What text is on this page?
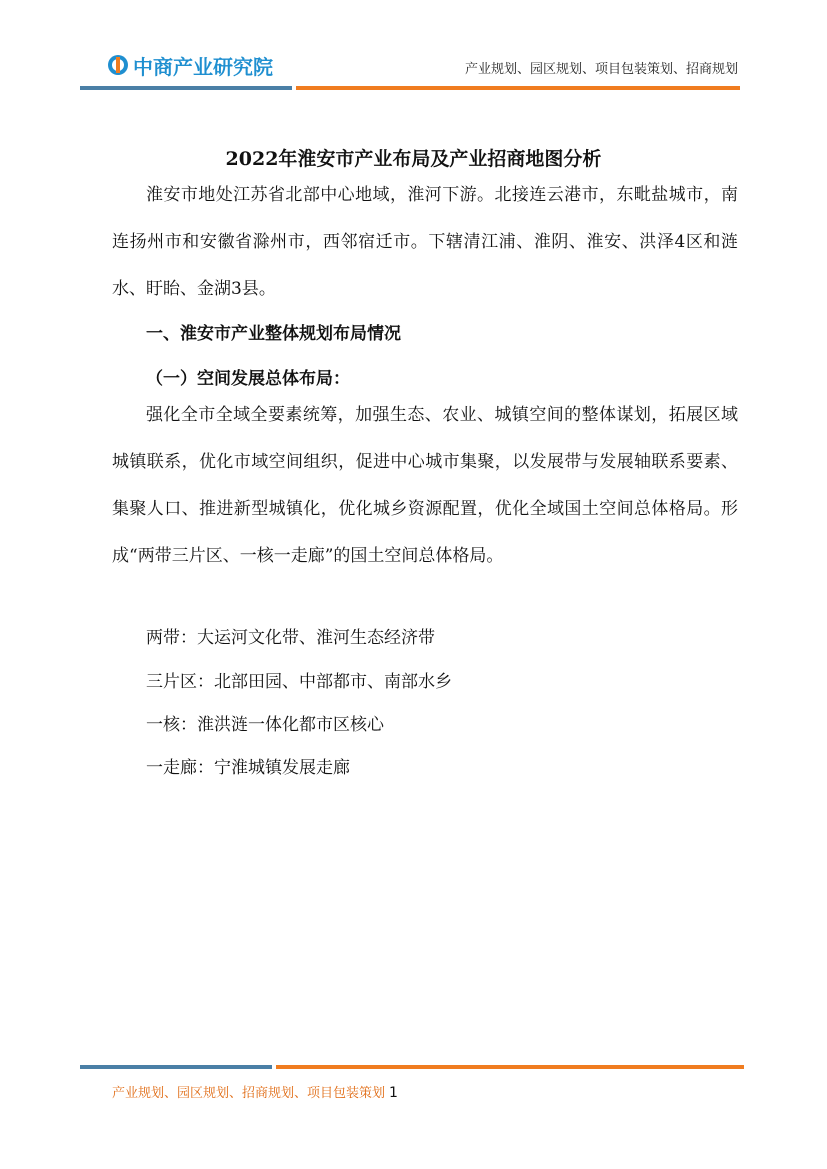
中商产业研究院	产业规划、园区规划、项目包装策划、招商规划
2022年淮安市产业布局及产业招商地图分析

淮安市地处江苏省北部中心地域，淮河下游。北接连云港市，东毗盐城市，南连扬州市和安徽省滁州市，西邻宿迁市。下辖清江浦、淮阴、淮安、洪泽4区和涟水、盱眙、金湖3县。

一、淮安市产业整体规划布局情况

（一）空间发展总体布局：

强化全市全域全要素统筹，加强生态、农业、城镇空间的整体谋划，拓展区域城镇联系，优化市域空间组织，促进中心城市集聚，以发展带与发展轴联系要素、集聚人口、推进新型城镇化，优化城乡资源配置，优化全域国土空间总体格局。形成“两带三片区、一核一走廊”的国土空间总体格局。

两带：大运河文化带、淮河生态经济带

三片区：北部田园、中部都市、南部水乡

一核：淮洪涟一体化都市区核心

一走廊：宁淮城镇发展走廊

产业规划、园区规划、招商规划、项目包装策划 1
